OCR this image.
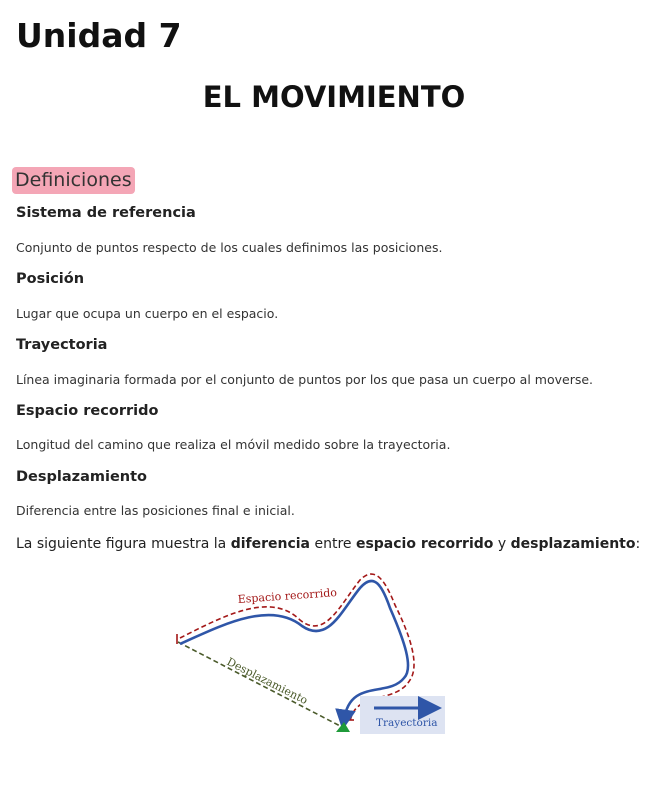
Unidad 7
EL MOVIMIENTO
Definiciones
Sistema de referencia

Conjunto de puntos respecto de los cuales definimos las posiciones.

Posición

Lugar que ocupa un cuerpo en el espacio.

Trayectoria

Línea imaginaria formada por el conjunto de puntos por los que pasa un cuerpo al moverse.

Espacio recorrido

Longitud del camino que realiza el móvil medido sobre la trayectoria.

Desplazamiento

Diferencia entre las posiciones final e inicial.

La siguiente figura muestra la diferencia entre espacio recorrido y desplazamiento:

Espacio recorrido
Desplazamiento
Trayectoria
